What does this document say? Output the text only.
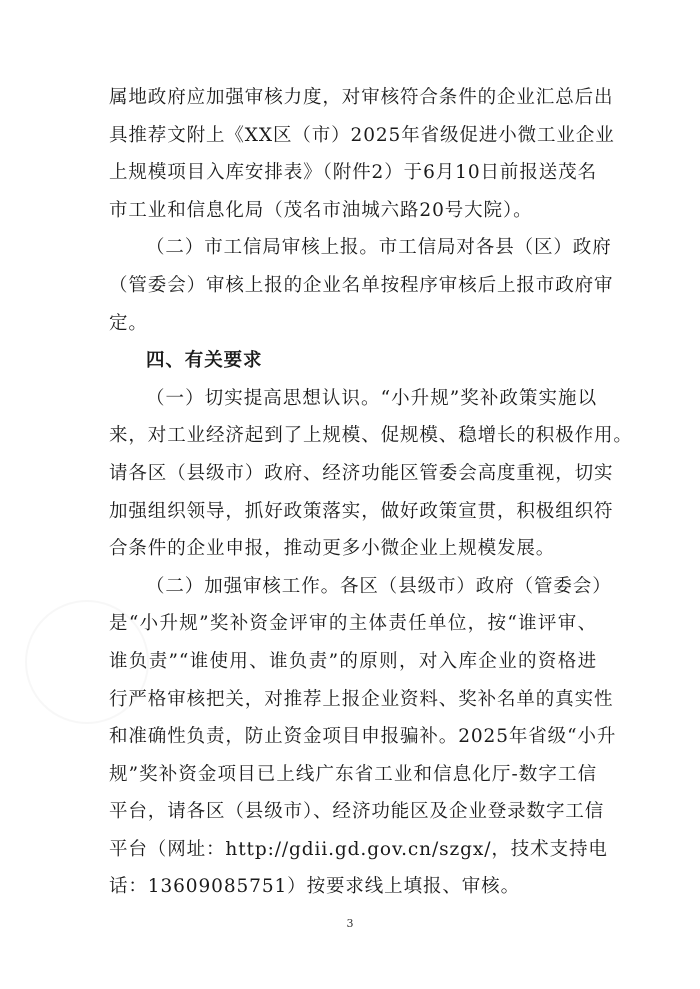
属地政府应加强审核力度，对审核符合条件的企业汇总后出
具推荐文附上《XX区（市）2025年省级促进小微工业企业
上规模项目入库安排表》（附件2）于6月10日前报送茂名
市工业和信息化局（茂名市油城六路20号大院）。
（二）市工信局审核上报。市工信局对各县（区）政府
（管委会）审核上报的企业名单按程序审核后上报市政府审
定。
四、有关要求
（一）切实提高思想认识。“小升规”奖补政策实施以
来，对工业经济起到了上规模、促规模、稳增长的积极作用。
请各区（县级市）政府、经济功能区管委会高度重视，切实
加强组织领导，抓好政策落实，做好政策宣贯，积极组织符
合条件的企业申报，推动更多小微企业上规模发展。
（二）加强审核工作。各区（县级市）政府（管委会）
是“小升规”奖补资金评审的主体责任单位，按“谁评审、
谁负责”“谁使用、谁负责”的原则，对入库企业的资格进
行严格审核把关，对推荐上报企业资料、奖补名单的真实性
和准确性负责，防止资金项目申报骗补。2025年省级“小升
规”奖补资金项目已上线广东省工业和信息化厅-数字工信
平台，请各区（县级市）、经济功能区及企业登录数字工信
平台（网址：http://gdii.gd.gov.cn/szgx/，技术支持电
话：13609085751）按要求线上填报、审核。
3
